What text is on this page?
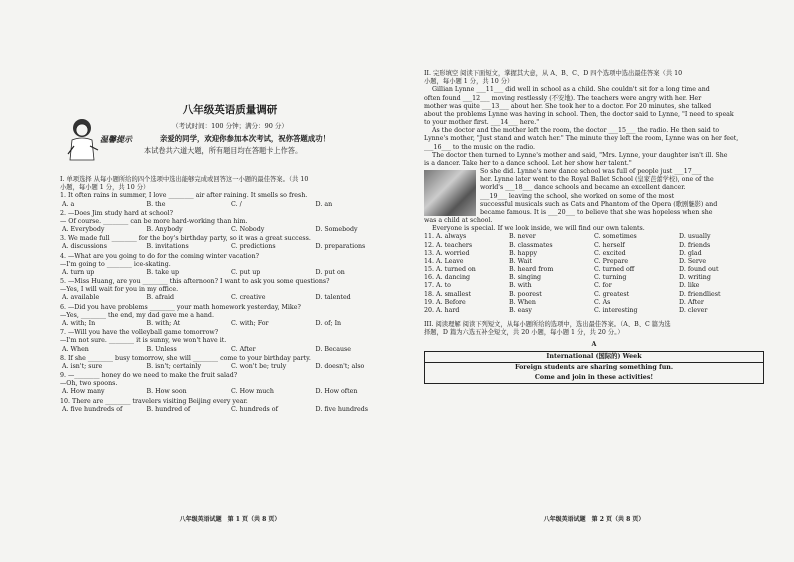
八年级英语质量调研
（考试时间：100 分钟；满分：90 分）
温馨提示	亲爱的同学，欢迎你参加本次考试，祝你答题成功！
本试卷共六道大题，所有题目均在答题卡上作答。

I. 单项选择 从每小题所给的四个选项中选出能够完成或回答这一小题的最佳答案。（共 10

小题，每小题 1 分，共 10 分）

1. It often rains in summer, I love ________ air after raining. It smells so fresh.

A. a	B. the	C. /	D. an

2. —Does Jim study hard at school?

— Of course. ________ can be more hard-working than him.

A. Everybody	B. Anybody	C. Nobody	D. Somebody

3. We made full ________ for the boy's birthday party, so it was a great success.

A. discussions	B. invitations	C. predictions	D. preparations

4. —What are you going to do for the coming winter vacation?

—I'm going to ________ ice-skating.

A. turn up	B. take up	C. put up	D. put on

5. —Miss Huang, are you ________ this afternoon? I want to ask you some questions?

—Yes, I will wait for you in my office.

A. available	B. afraid	C. creative	D. talented

6. —Did you have problems ________ your math homework yesterday, Mike?

—Yes, ________ the end, my dad gave me a hand.

A. with; In	B. with; At	C. with; For	D. of; In

7. —Will you have the volleyball game tomorrow?

—I'm not sure. ________ it is sunny, we won't have it.

A. When	B. Unless	C. After	D. Because

8. If she ________ busy tomorrow, she will ________ come to your birthday party.

A. isn't; sure	B. isn't; certainly	C. won't be; truly	D. doesn't; also

9. —________ honey do we need to make the fruit salad?

—Oh, two spoons.

A. How many	B. How soon	C. How much	D. How often

10. There are ________ travelers visiting Beijing every year.

A. five hundreds of	B. hundred of	C. hundreds of	D. five hundreds
八年级英语试题　第 1 页（共 8 页）

II. 完形填空 阅读下面短文，掌握其大意，从 A、B、C、D 四个选项中选出最佳答案（共 10

小题，每小题 1 分，共 10 分）

Gillian Lynne ___11___ did well in school as a child. She couldn't sit for a long time and

often found ___12___ moving restlessly (不安地). The teachers were angry with her. Her

mother was quite ___13___ about her. She took her to a doctor. For 20 minutes, she talked

about the problems Lynne was having in school. Then, the doctor said to Lynne, "I need to speak

to your mother first. ___14___ here."

As the doctor and the mother left the room, the doctor ___15___ the radio. He then said to

Lynne's mother, "Just stand and watch her." The minute they left the room, Lynne was on her feet,

___16___ to the music on the radio.

The doctor then turned to Lynne's mother and said, "Mrs. Lynne, your daughter isn't ill. She

is a dancer. Take her to a dance school. Let her show her talent."

So she did. Lynne's new dance school was full of people just ___17___

her. Lynne later went to the Royal Ballet School (皇家芭蕾学校), one of the

world's ___18___ dance schools and became an excellent dancer.

___19___ leaving the school, she worked on some of the most

successful musicals such as Cats and Phantom of the Opera (歌剧魅影) and

became famous. It is ___20___ to believe that she was hopeless when she

was a child at school.

Everyone is special. If we look inside, we will find our own talents.

11. A. always	B. never	C. sometimes	D. usually
12. A. teachers	B. classmates	C. herself	D. friends
13. A. worried	B. happy	C. excited	D. glad
14. A. Leave	B. Wait	C. Prepare	D. Serve
15. A. turned on	B. heard from	C. turned off	D. found out
16. A. dancing	B. singing	C. turning	D. writing
17. A. to	B. with	C. for	D. like
18. A. smallest	B. poorest	C. greatest	D. friendliest
19. A. Before	B. When	C. As	D. After
20. A. hard	B. easy	C. interesting	D. clever

III. 阅读理解 阅读下列短文，从每小题所给的选项中，选出最佳答案。（A、B、C 篇为选

择题，D 篇为六选五补全短文，共 20 小题，每小题 1 分，共 20 分。）

A
International (国际的) Week
Foreign students are sharing something fun.
Come and join in these activities!
八年级英语试题　第 2 页（共 8 页）
